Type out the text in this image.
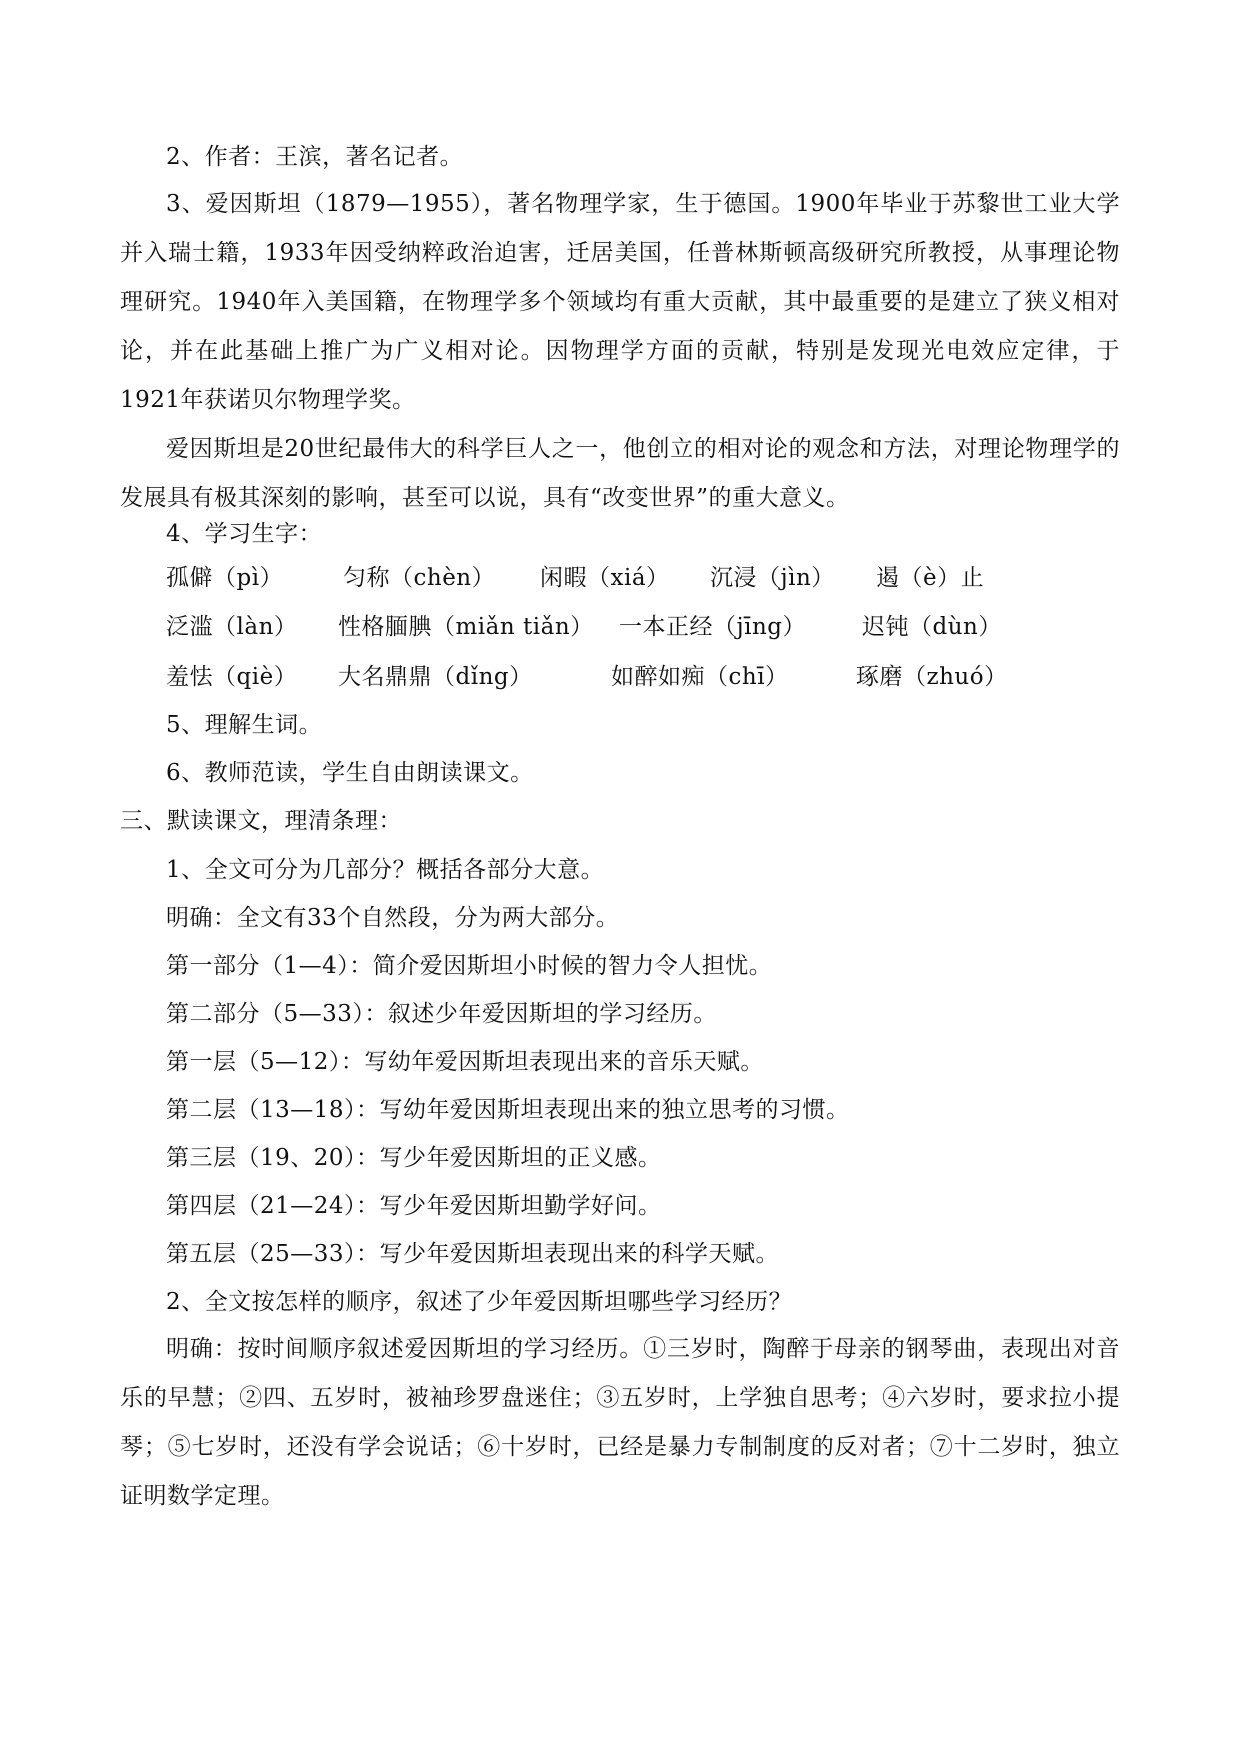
2、作者：王滨，著名记者。
3、爱因斯坦（1879—1955），著名物理学家，生于德国。1900年毕业于苏黎世工业大学并入瑞士籍，1933年因受纳粹政治迫害，迁居美国，任普林斯顿高级研究所教授，从事理论物理研究。1940年入美国籍，在物理学多个领域均有重大贡献，其中最重要的是建立了狭义相对论，并在此基础上推广为广义相对论。因物理学方面的贡献，特别是发现光电效应定律，于1921年获诺贝尔物理学奖。
爱因斯坦是20世纪最伟大的科学巨人之一，他创立的相对论的观念和方法，对理论物理学的发展具有极其深刻的影响，甚至可以说，具有“改变世界”的重大意义。
4、学习生字：
孤僻（pì）	匀称（chèn） 闲暇（xiá） 沉浸（jìn） 遏（è）止
泛滥（làn） 性格腼腆（miǎn tiǎn） 一本正经（jīng） 迟钝（dùn）
羞怯（qiè） 大名鼎鼎（dǐng）	如醉如痴（chī）	琢磨（zhuó）
5、理解生词。
6、教师范读，学生自由朗读课文。
三、默读课文，理清条理：
1、全文可分为几部分？概括各部分大意。
明确：全文有33个自然段，分为两大部分。
第一部分（1—4）：简介爱因斯坦小时候的智力令人担忧。
第二部分（5—33）：叙述少年爱因斯坦的学习经历。
第一层（5—12）：写幼年爱因斯坦表现出来的音乐天赋。
第二层（13—18）：写幼年爱因斯坦表现出来的独立思考的习惯。
第三层（19、20）：写少年爱因斯坦的正义感。
第四层（21—24）：写少年爱因斯坦勤学好问。
第五层（25—33）：写少年爱因斯坦表现出来的科学天赋。
2、全文按怎样的顺序，叙述了少年爱因斯坦哪些学习经历？
明确：按时间顺序叙述爱因斯坦的学习经历。①三岁时，陶醉于母亲的钢琴曲，表现出对音乐的早慧；②四、五岁时，被袖珍罗盘迷住；③五岁时，上学独自思考；④六岁时，要求拉小提琴；⑤七岁时，还没有学会说话；⑥十岁时，已经是暴力专制制度的反对者；⑦十二岁时，独立证明数学定理。
